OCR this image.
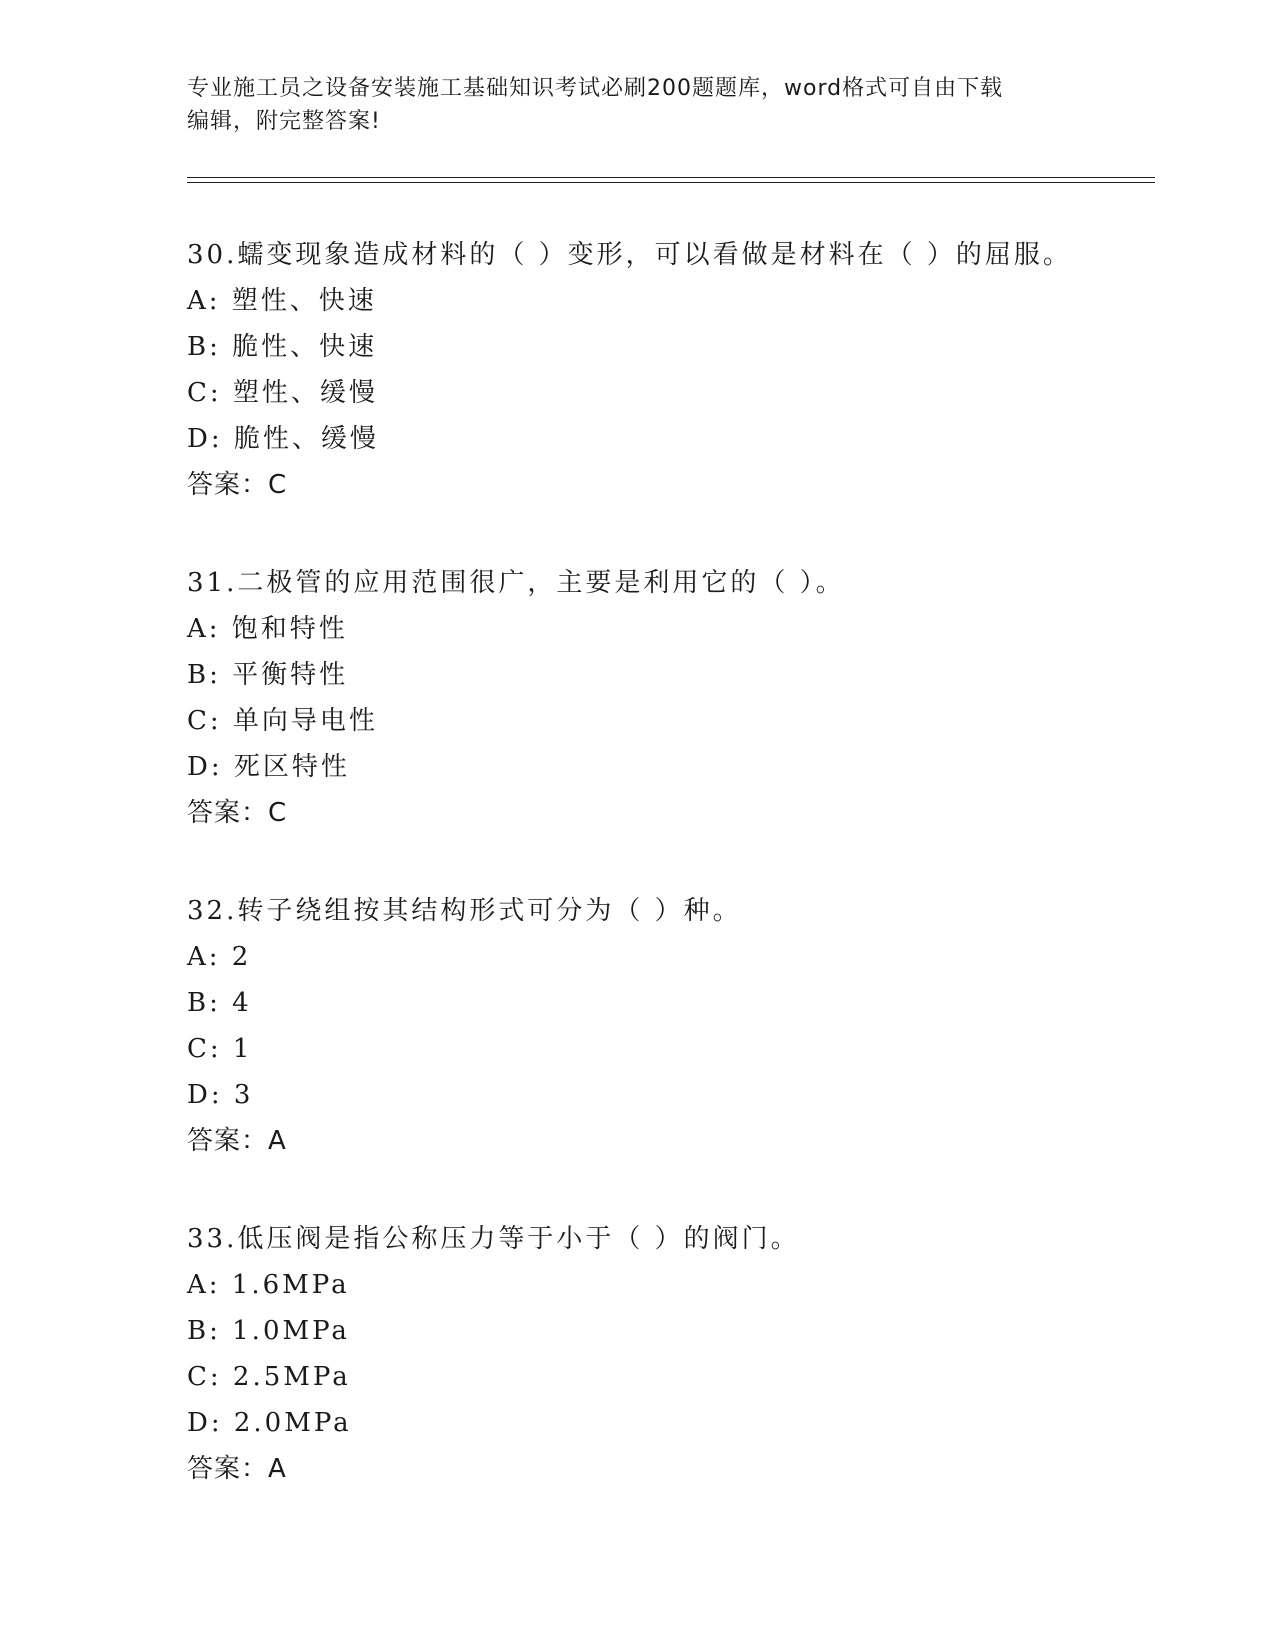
专业施工员之设备安装施工基础知识考试必刷200题题库，word格式可自由下载
编辑，附完整答案!
30.蠕变现象造成材料的（ ）变形，可以看做是材料在（ ）的屈服。
A: 塑性、快速
B: 脆性、快速
C: 塑性、缓慢
D: 脆性、缓慢
答案：C
31.二极管的应用范围很广，主要是利用它的（ ）。
A: 饱和特性
B: 平衡特性
C: 单向导电性
D: 死区特性
答案：C
32.转子绕组按其结构形式可分为（ ）种。
A: 2
B: 4
C: 1
D: 3
答案：A
33.低压阀是指公称压力等于小于（ ）的阀门。
A: 1.6MPa
B: 1.0MPa
C: 2.5MPa
D: 2.0MPa
答案：A
